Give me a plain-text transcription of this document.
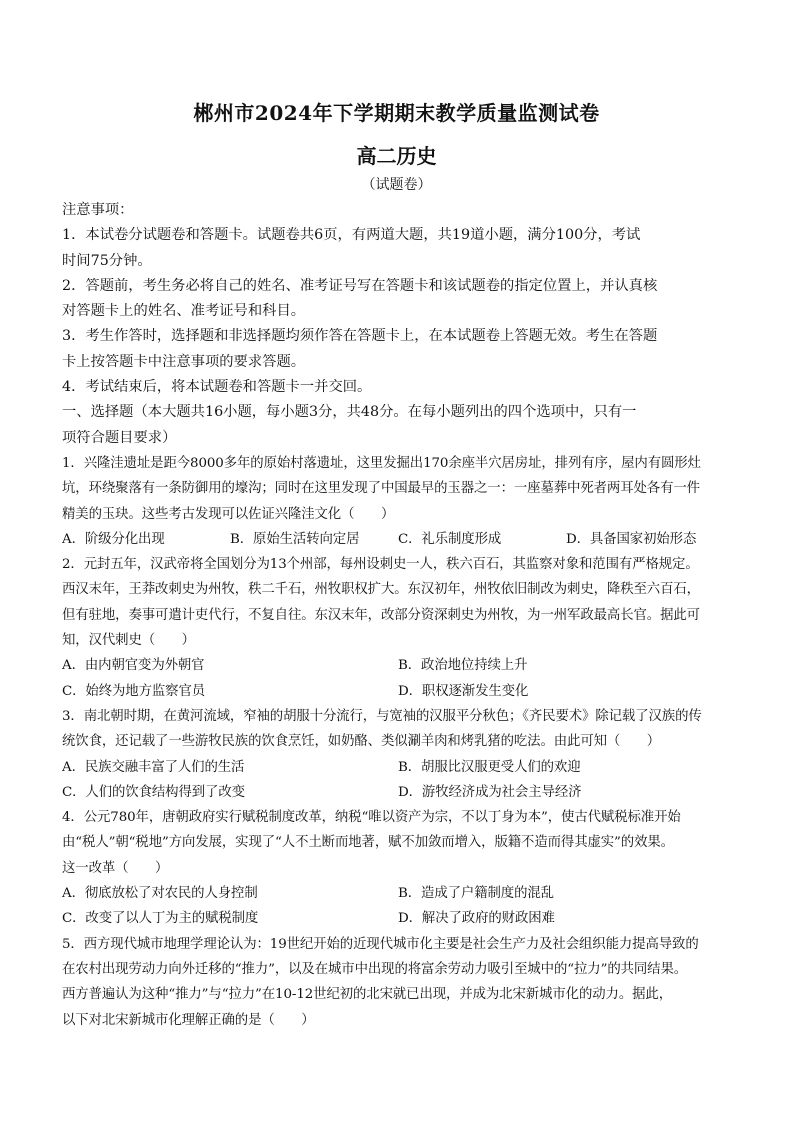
郴州市2024年下学期期末教学质量监测试卷
高二历史
（试题卷）
注意事项：
1．本试卷分试题卷和答题卡。试题卷共6页，有两道大题，共19道小题，满分100分，考试
时间75分钟。
2．答题前，考生务必将自己的姓名、准考证号写在答题卡和该试题卷的指定位置上，并认真核
对答题卡上的姓名、准考证号和科目。
3．考生作答时，选择题和非选择题均须作答在答题卡上，在本试题卷上答题无效。考生在答题
卡上按答题卡中注意事项的要求答题。
4．考试结束后，将本试题卷和答题卡一并交回。
一、选择题（本大题共16小题，每小题3分，共48分。在每小题列出的四个选项中，只有一
项符合题目要求）
1．兴隆洼遗址是距今8000多年的原始村落遗址，这里发掘出170余座半穴居房址，排列有序，屋内有圆形灶
坑，环绕聚落有一条防御用的壕沟；同时在这里发现了中国最早的玉器之一：一座墓葬中死者两耳处各有一件
精美的玉玦。这些考古发现可以佐证兴隆洼文化（　　）
A．阶级分化出现	B．原始生活转向定居	C．礼乐制度形成	D．具备国家初始形态
2．元封五年，汉武帝将全国划分为13个州部，每州设刺史一人，秩六百石，其监察对象和范围有严格规定。
西汉末年，王莽改刺史为州牧，秩二千石，州牧职权扩大。东汉初年，州牧依旧制改为刺史，降秩至六百石，
但有驻地，奏事可遣计吏代行，不复自往。东汉末年，改部分资深刺史为州牧，为一州军政最高长官。据此可
知，汉代刺史（　　）
A．由内朝官变为外朝官	B．政治地位持续上升
C．始终为地方监察官员	D．职权逐渐发生变化
3．南北朝时期，在黄河流域，窄袖的胡服十分流行，与宽袖的汉服平分秋色；《齐民要术》除记载了汉族的传
统饮食，还记载了一些游牧民族的饮食烹饪，如奶酪、类似涮羊肉和烤乳猪的吃法。由此可知（　　）
A．民族交融丰富了人们的生活	B．胡服比汉服更受人们的欢迎
C．人们的饮食结构得到了改变	D．游牧经济成为社会主导经济
4．公元780年，唐朝政府实行赋税制度改革，纳税“唯以资产为宗，不以丁身为本”，使古代赋税标准开始
由“税人”朝“税地”方向发展，实现了“人不土断而地著，赋不加敛而增入，版籍不造而得其虚实”的效果。
这一改革（　　）
A．彻底放松了对农民的人身控制	B．造成了户籍制度的混乱
C．改变了以人丁为主的赋税制度	D．解决了政府的财政困难
5．西方现代城市地理学理论认为：19世纪开始的近现代城市化主要是社会生产力及社会组织能力提高导致的
在农村出现劳动力向外迁移的“推力”，以及在城市中出现的将富余劳动力吸引至城中的“拉力”的共同结果。
西方普遍认为这种“推力”与“拉力”在10-12世纪初的北宋就已出现，并成为北宋新城市化的动力。据此，
以下对北宋新城市化理解正确的是（　　）
